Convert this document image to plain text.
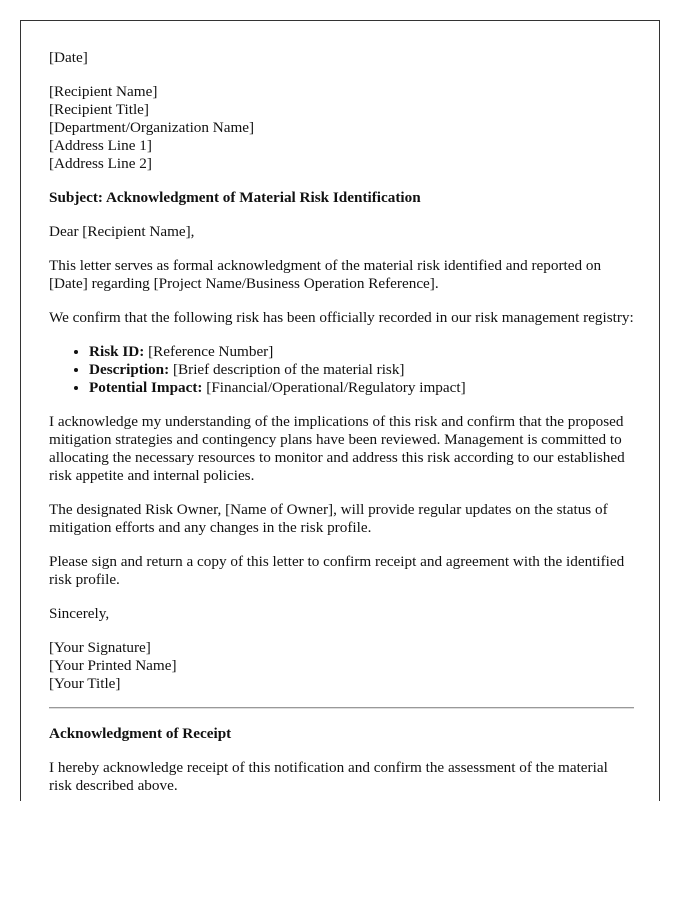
[Date]

[Recipient Name]
[Recipient Title]
[Department/Organization Name]
[Address Line 1]
[Address Line 2]

Subject: Acknowledgment of Material Risk Identification

Dear [Recipient Name],

This letter serves as formal acknowledgment of the material risk identified and reported on [Date] regarding [Project Name/Business Operation Reference].

We confirm that the following risk has been officially recorded in our risk management registry:

• Risk ID: [Reference Number]
• Description: [Brief description of the material risk]
• Potential Impact: [Financial/Operational/Regulatory impact]

I acknowledge my understanding of the implications of this risk and confirm that the proposed mitigation strategies and contingency plans have been reviewed. Management is committed to allocating the necessary resources to monitor and address this risk according to our established risk appetite and internal policies.

The designated Risk Owner, [Name of Owner], will provide regular updates on the status of mitigation efforts and any changes in the risk profile.

Please sign and return a copy of this letter to confirm receipt and agreement with the identified risk profile.

Sincerely,

[Your Signature]
[Your Printed Name]
[Your Title]

Acknowledgment of Receipt

I hereby acknowledge receipt of this notification and confirm the assessment of the material risk described above.
